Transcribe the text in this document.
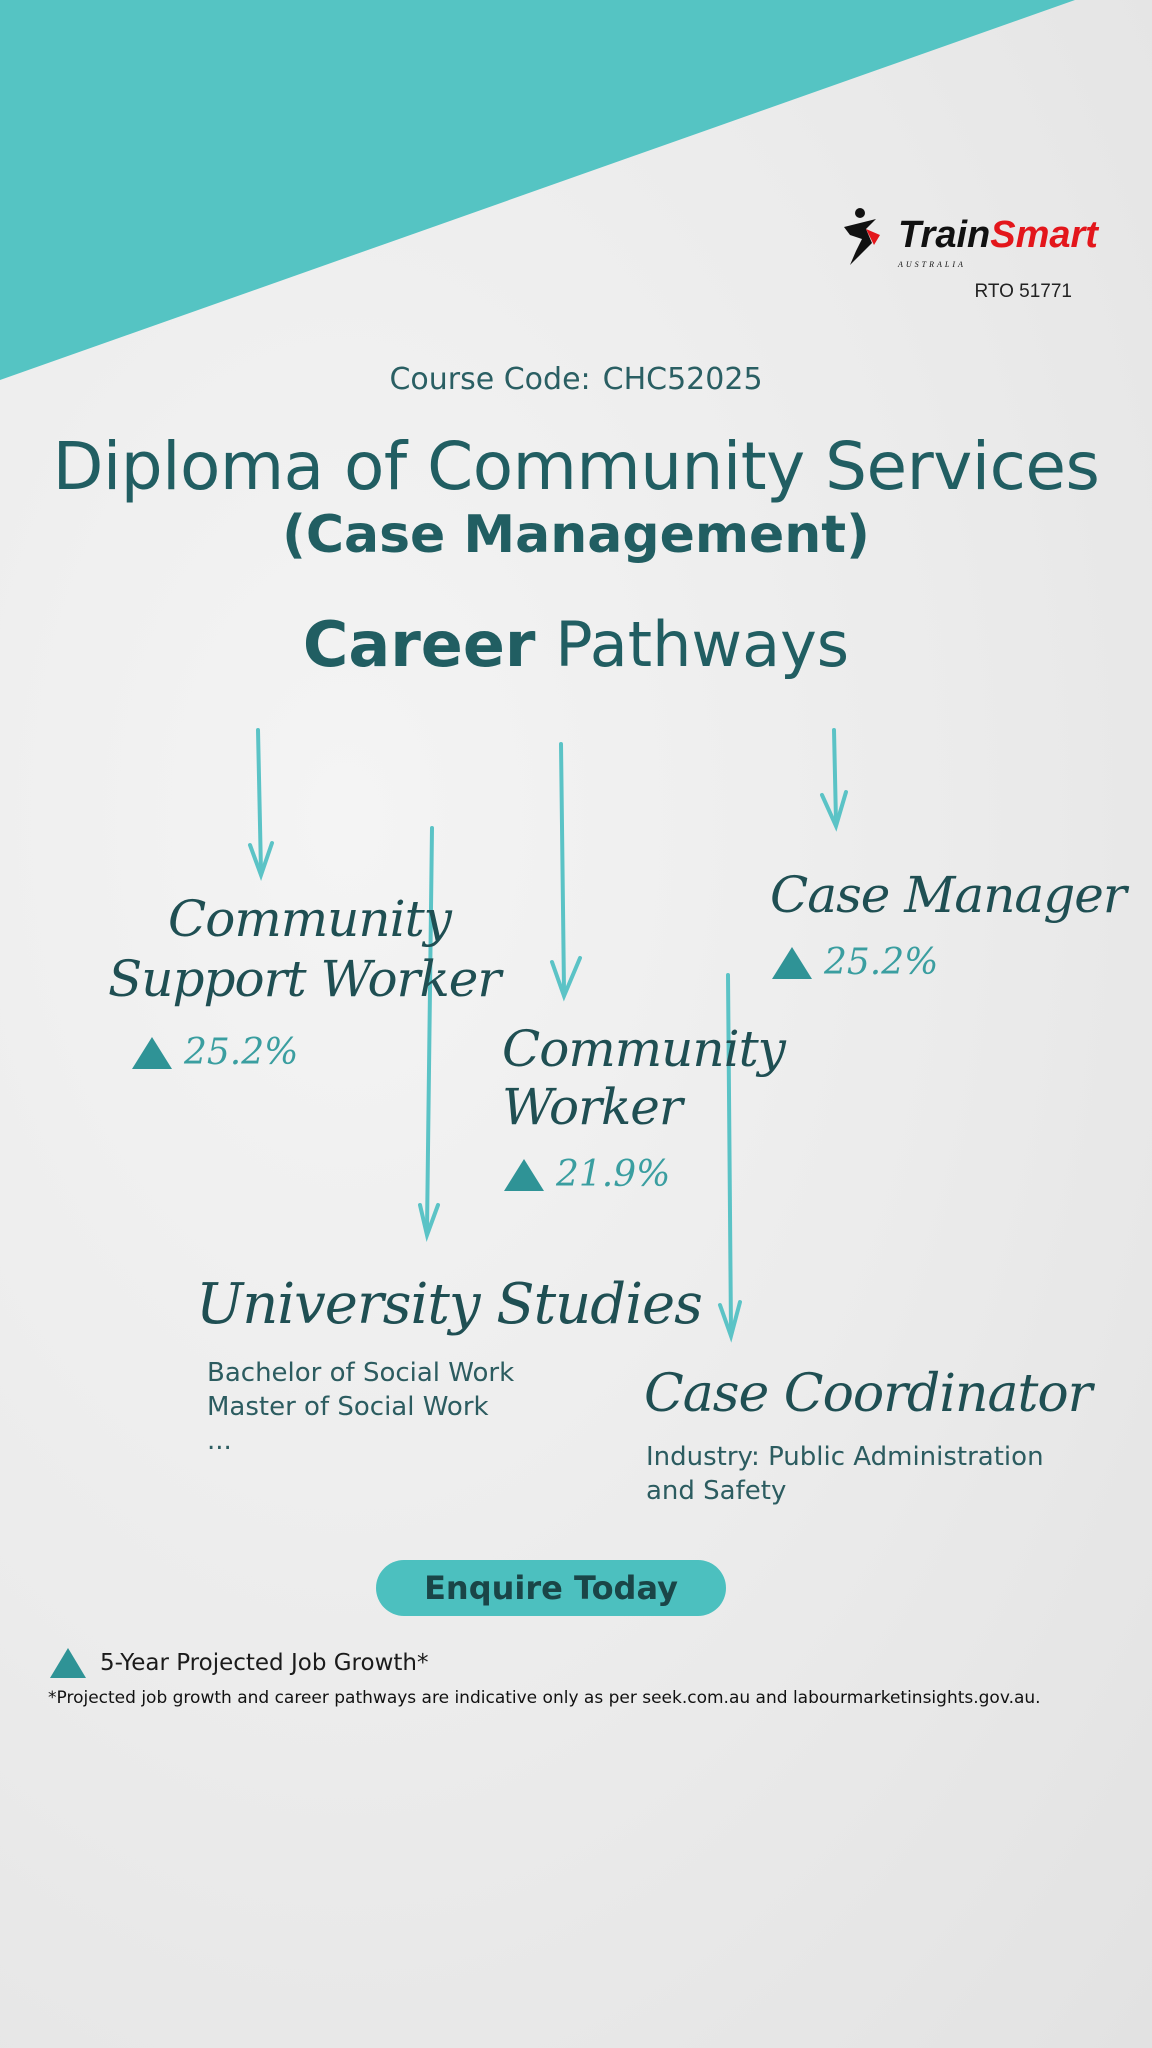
TrainSmart
AUSTRALIA
RTO 51771
Course Code: CHC52025
Diploma of Community Services
(Case Management)
Career Pathways
Community
Support Worker
25.2%	Community
Worker
21.9%
Case Manager
25.2%
University Studies
Bachelor of Social Work
Master of Social Work
...
Case Coordinator
Industry: Public Administration
and Safety
Enquire Today
5-Year Projected Job Growth*
*Projected job growth and career pathways are indicative only as per seek.com.au and labourmarketinsights.gov.au.
